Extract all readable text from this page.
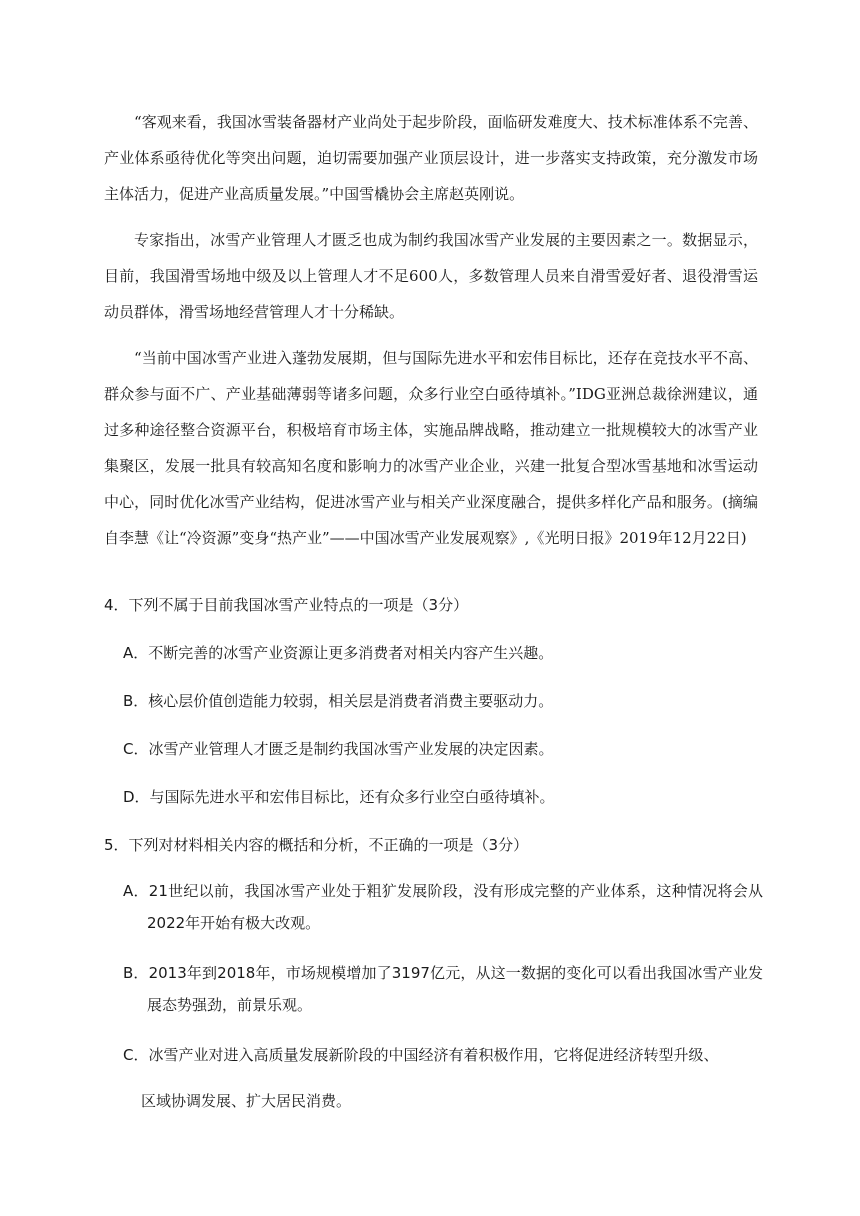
“客观来看，我国冰雪装备器材产业尚处于起步阶段，面临研发难度大、技术标准体系不完善、产业体系亟待优化等突出问题，迫切需要加强产业顶层设计，进一步落实支持政策，充分激发市场主体活力，促进产业高质量发展。”中国雪橇协会主席赵英刚说。

专家指出，冰雪产业管理人才匮乏也成为制约我国冰雪产业发展的主要因素之一。数据显示，目前，我国滑雪场地中级及以上管理人才不足600人，多数管理人员来自滑雪爱好者、退役滑雪运动员群体，滑雪场地经营管理人才十分稀缺。

“当前中国冰雪产业进入蓬勃发展期，但与国际先进水平和宏伟目标比，还存在竞技水平不高、群众参与面不广、产业基础薄弱等诸多问题，众多行业空白亟待填补。”IDG亚洲总裁徐洲建议，通过多种途径整合资源平台，积极培育市场主体，实施品牌战略，推动建立一批规模较大的冰雪产业集聚区，发展一批具有较高知名度和影响力的冰雪产业企业，兴建一批复合型冰雪基地和冰雪运动中心，同时优化冰雪产业结构，促进冰雪产业与相关产业深度融合，提供多样化产品和服务。(摘编自李慧《让“冷资源”变身“热产业”——中国冰雪产业发展观察》,《光明日报》2019年12月22日)

4．下列不属于目前我国冰雪产业特点的一项是（3分）

A．不断完善的冰雪产业资源让更多消费者对相关内容产生兴趣。

B．核心层价值创造能力较弱，相关层是消费者消费主要驱动力。

C．冰雪产业管理人才匮乏是制约我国冰雪产业发展的决定因素。

D．与国际先进水平和宏伟目标比，还有众多行业空白亟待填补。

5．下列对材料相关内容的概括和分析，不正确的一项是（3分）

A．21世纪以前，我国冰雪产业处于粗犷发展阶段，没有形成完整的产业体系，这种情况将会从
2022年开始有极大改观。
B．2013年到2018年，市场规模增加了3197亿元，从这一数据的变化可以看出我国冰雪产业发
展态势强劲，前景乐观。
C．冰雪产业对进入高质量发展新阶段的中国经济有着积极作用，它将促进经济转型升级、
区域协调发展、扩大居民消费。
